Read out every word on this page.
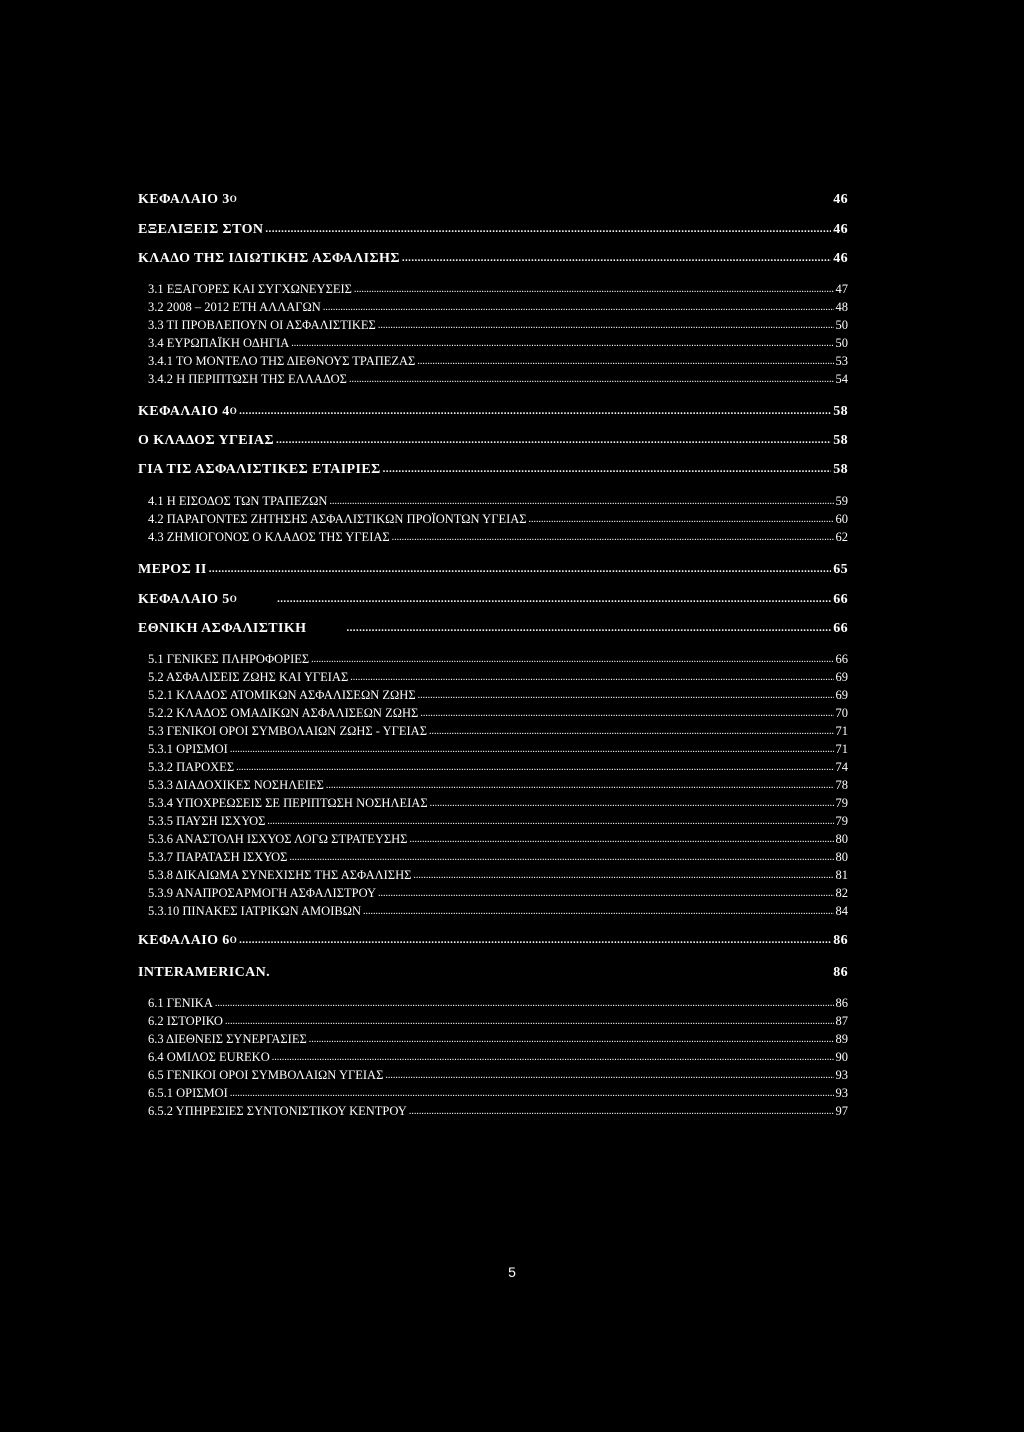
ΚΕΦΑΛΑΙΟ $3^O$	46
ΕΞΕΛΙΞΕΙΣ ΣΤΟΝ .....	46
ΚΛΑΔΟ ΤΗΣ ΙΔΙΩΤΙΚΗΣ ΑΣΦΑΛΙΣΗΣ .....	46
3.1 ΕΞΑΓΟΡΕΣ ΚΑΙ ΣΥΓΧΩΝΕΥΣΕΙΣ .....	47
3.2 2008 – 2012 ΕΤΗ ΑΛΛΑΓΩΝ .....	48
3.3 ΤΙ ΠΡΟΒΛΕΠΟΥΝ ΟΙ ΑΣΦΑΛΙΣΤΙΚΕΣ .....	50
3.4 ΕΥΡΩΠΑΪΚΗ ΟΔΗΓΙΑ .....	50
3.4.1 ΤΟ ΜΟΝΤΕΛΟ ΤΗΣ ΔΙΕΘΝΟΥΣ ΤΡΑΠΕΖΑΣ .....	53
3.4.2 Η ΠΕΡΙΠΤΩΣΗ ΤΗΣ ΕΛΛΑΔΟΣ .....	54
ΚΕΦΑΛΑΙΟ $4^O$ .....	58
Ο ΚΛΑΔΟΣ ΥΓΕΙΑΣ .....	58
ΓΙΑ ΤΙΣ ΑΣΦΑΛΙΣΤΙΚΕΣ ΕΤΑΙΡΙΕΣ .....	58
4.1 Η ΕΙΣΟΔΟΣ ΤΩΝ ΤΡΑΠΕΖΩΝ .....	59
4.2 ΠΑΡΑΓΟΝΤΕΣ ΖΗΤΗΣΗΣ ΑΣΦΑΛΙΣΤΙΚΩΝ ΠΡΟΪΟΝΤΩΝ ΥΓΕΙΑΣ .....	60
4.3 ΖΗΜΙΟΓΟΝΟΣ Ο ΚΛΑΔΟΣ ΤΗΣ ΥΓΕΙΑΣ .....	62
ΜΕΡΟΣ ΙΙ .....	65
ΚΕΦΑΛΑΙΟ $5^O$ .....	66
ΕΘΝΙΚΗ ΑΣΦΑΛΙΣΤΙΚΗ .....	66
5.1 ΓΕΝΙΚΕΣ ΠΛΗΡΟΦΟΡΙΕΣ .....	66
5.2 ΑΣΦΑΛΙΣΕΙΣ ΖΩΗΣ ΚΑΙ ΥΓΕΙΑΣ .....	69
5.2.1 ΚΛΑΔΟΣ ΑΤΟΜΙΚΩΝ ΑΣΦΑΛΙΣΕΩΝ ΖΩΗΣ .....	69
5.2.2 ΚΛΑΔΟΣ ΟΜΑΔΙΚΩΝ ΑΣΦΑΛΙΣΕΩΝ ΖΩΗΣ .....	70
5.3 ΓΕΝΙΚΟΙ ΟΡΟΙ ΣΥΜΒΟΛΑΙΩΝ ΖΩΗΣ - ΥΓΕΙΑΣ .....	71
5.3.1 ΟΡΙΣΜΟΙ .....	71
5.3.2 ΠΑΡΟΧΕΣ .....	74
5.3.3 ΔΙΑΔΟΧΙΚΕΣ ΝΟΣΗΛΕΙΕΣ .....	78
5.3.4 ΥΠΟΧΡΕΩΣΕΙΣ ΣΕ ΠΕΡΙΠΤΩΣΗ ΝΟΣΗΛΕΙΑΣ .....	79
5.3.5 ΠΑΥΣΗ ΙΣΧΥΟΣ .....	79
5.3.6 ΑΝΑΣΤΟΛΗ ΙΣΧΥΟΣ ΛΟΓΩ ΣΤΡΑΤΕΥΣΗΣ .....	80
5.3.7 ΠΑΡΑΤΑΣΗ ΙΣΧΥΟΣ .....	80
5.3.8 ΔΙΚΑΙΩΜΑ ΣΥΝΕΧΙΣΗΣ ΤΗΣ ΑΣΦΑΛΙΣΗΣ .....	81
5.3.9 ΑΝΑΠΡΟΣΑΡΜΟΓΗ ΑΣΦΑΛΙΣΤΡΟΥ .....	82
5.3.10 ΠΙΝΑΚΕΣ ΙΑΤΡΙΚΩΝ ΑΜΟΙΒΩΝ .....	84
ΚΕΦΑΛΑΙΟ $6^O$ .....	86
INTERAMERICAN.	86
6.1 ΓΕΝΙΚΑ .....	86
6.2 ΙΣΤΟΡΙΚΟ .....	87
6.3 ΔΙΕΘΝΕΙΣ ΣΥΝΕΡΓΑΣΙΕΣ .....	89
6.4 ΟΜΙΛΟΣ EUREKO .....	90
6.5 ΓΕΝΙΚΟΙ ΟΡΟΙ ΣΥΜΒΟΛΑΙΩΝ ΥΓΕΙΑΣ .....	93
6.5.1 ΟΡΙΣΜΟΙ .....	93
6.5.2 ΥΠΗΡΕΣΙΕΣ ΣΥΝΤΟΝΙΣΤΙΚΟΥ ΚΕΝΤΡΟΥ .....	97
5
